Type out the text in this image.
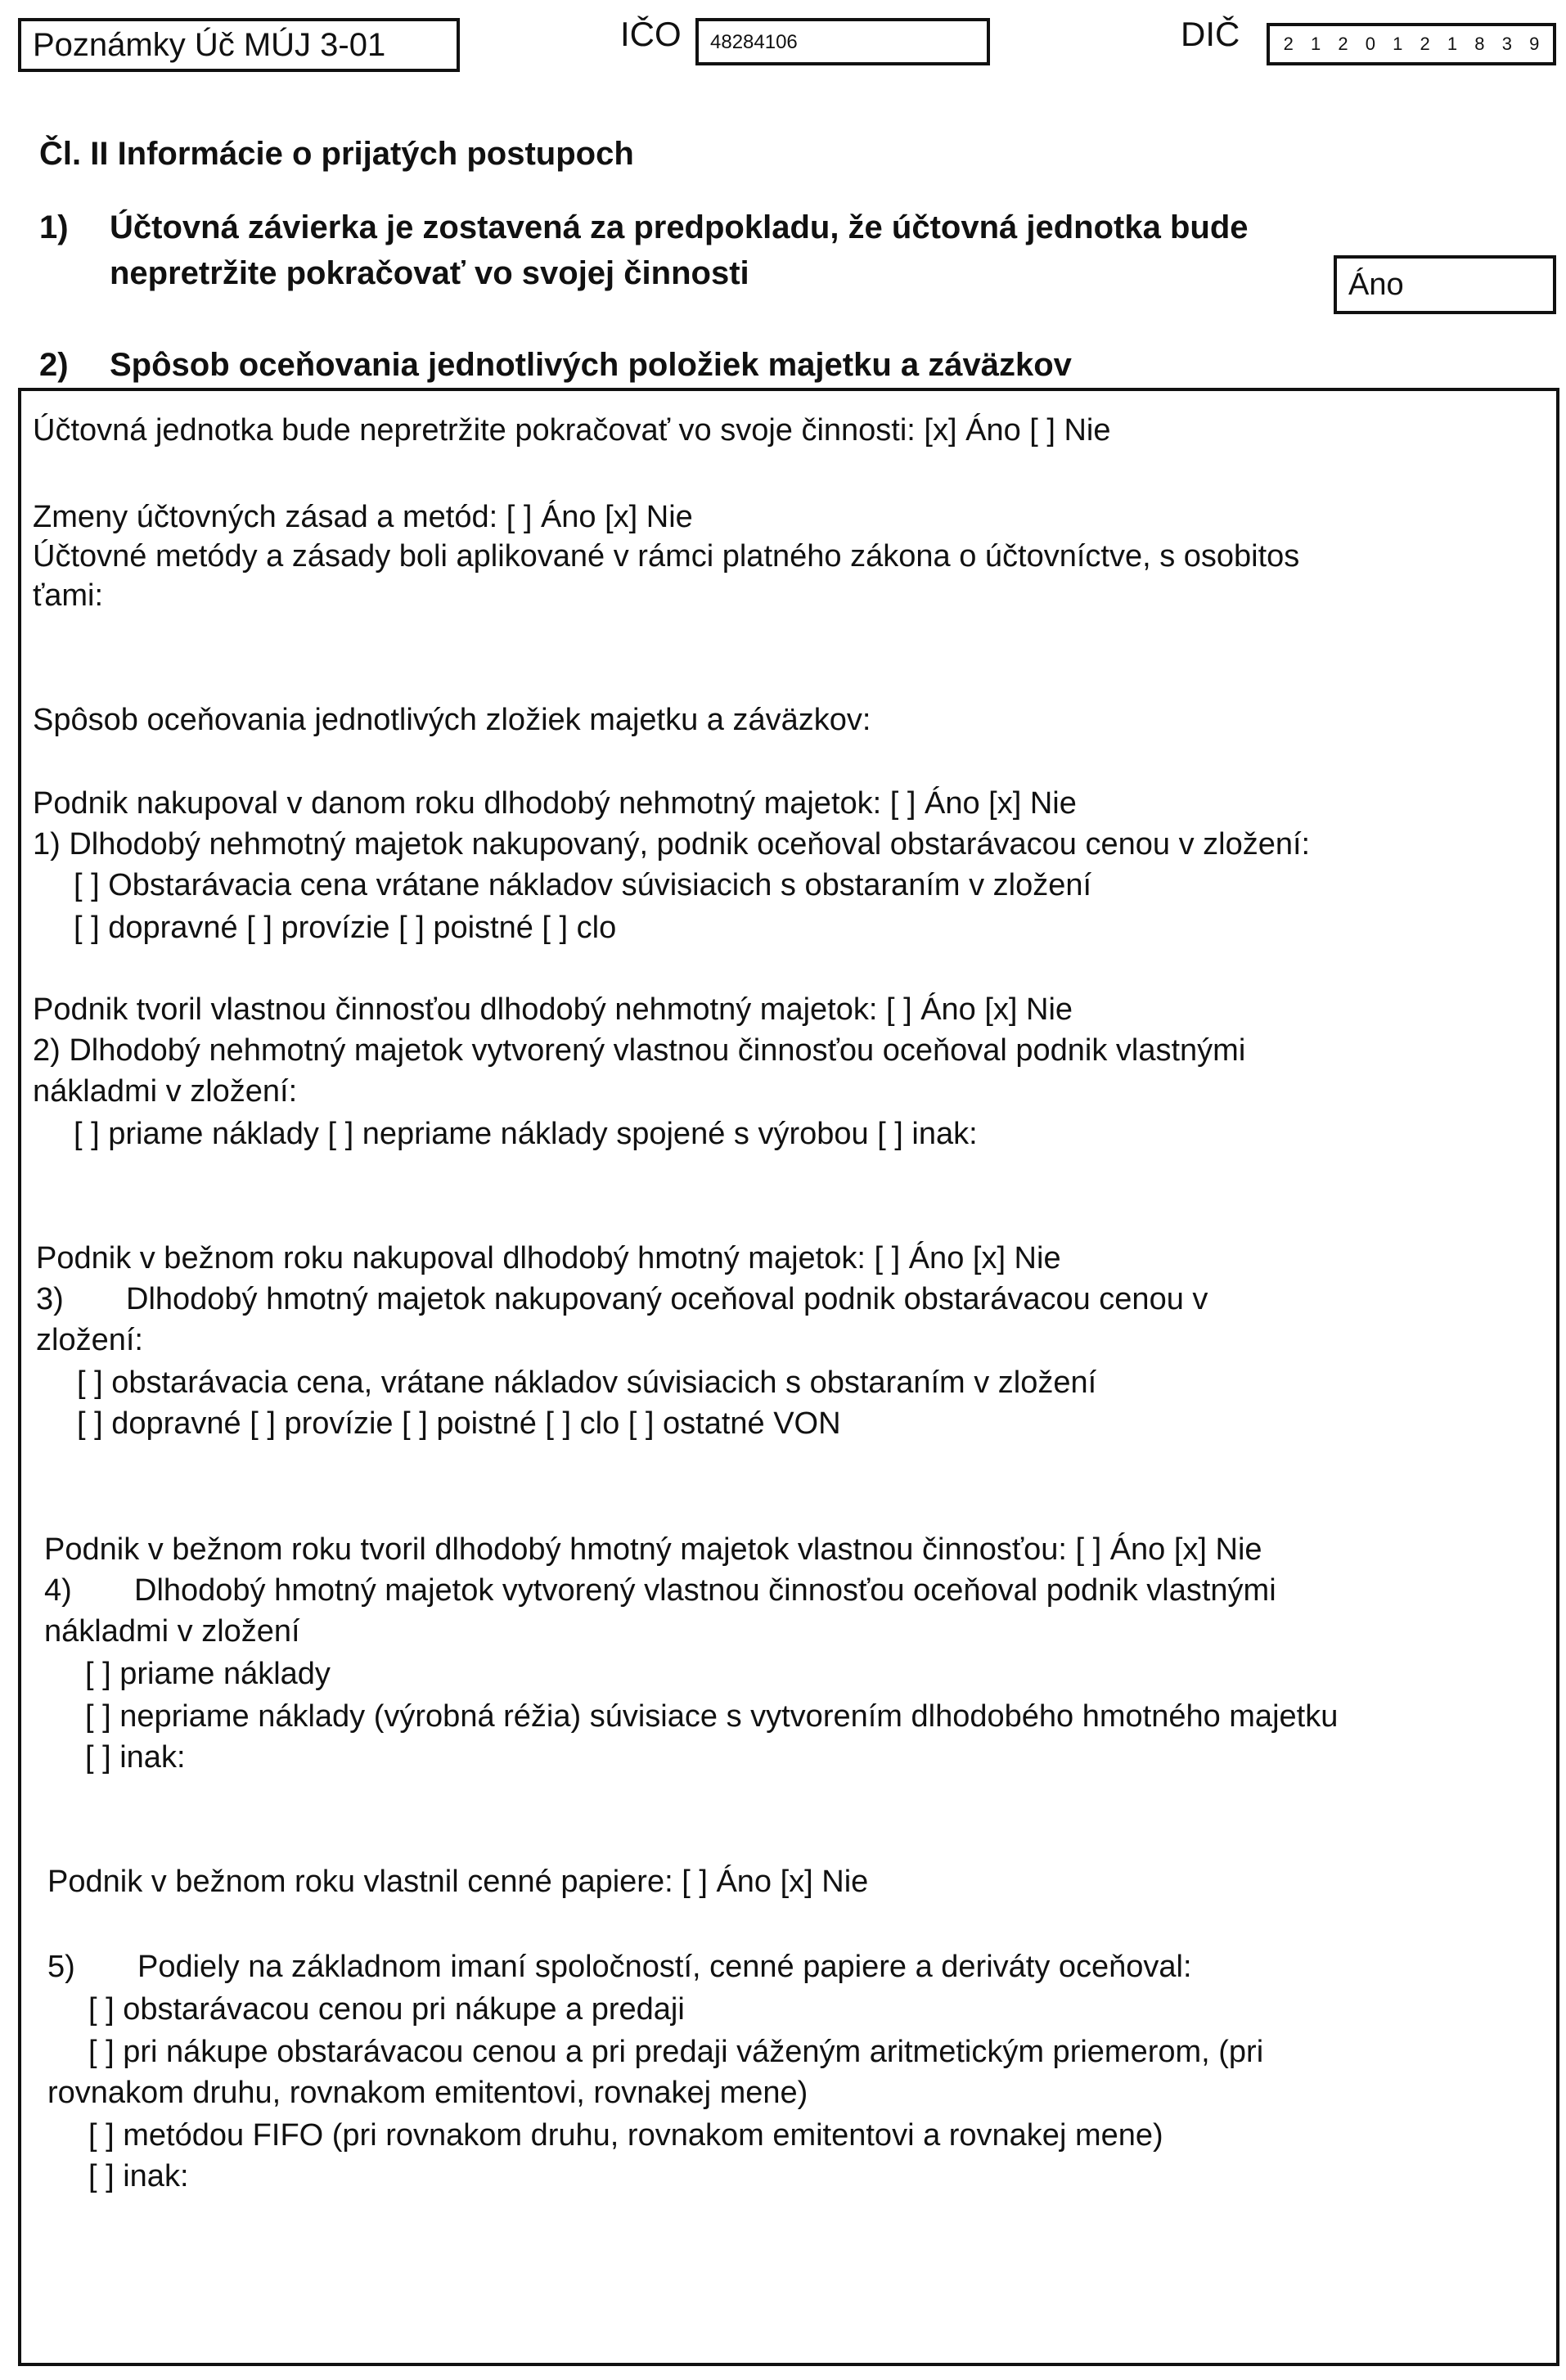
Poznámky Úč MÚJ 3-01	IČO	48284106	DIČ 2 1 2 0 1 2 1 8 3 9
Čl. II Informácie o prijatých postupoch
1) Účtovná závierka je zostavená za predpokladu, že účtovná jednotka bude
nepretržite pokračovať vo svojej činnosti	Áno
2) Spôsob oceňovania jednotlivých položiek majetku a záväzkov
Účtovná jednotka bude nepretržite pokračovať vo svoje činnosti: [x] Áno [ ] Nie
Zmeny účtovných zásad a metód: [ ] Áno [x] Nie
Účtovné metódy a zásady boli aplikované v rámci platného zákona o účtovníctve, s osobitos
ťami:
Spôsob oceňovania jednotlivých zložiek majetku a záväzkov:
Podnik nakupoval v danom roku dlhodobý nehmotný majetok: [ ] Áno [x] Nie
1) Dlhodobý nehmotný majetok nakupovaný, podnik oceňoval obstarávacou cenou v zložení:
[ ] Obstarávacia cena vrátane nákladov súvisiacich s obstaraním v zložení
[ ] dopravné [ ] provízie [ ] poistné [ ] clo
Podnik tvoril vlastnou činnosťou dlhodobý nehmotný majetok: [ ] Áno [x] Nie
2) Dlhodobý nehmotný majetok vytvorený vlastnou činnosťou oceňoval podnik vlastnými
nákladmi v zložení:
[ ] priame náklady [ ] nepriame náklady spojené s výrobou [ ] inak:
Podnik v bežnom roku nakupoval dlhodobý hmotný majetok: [ ] Áno [x] Nie
3) Dlhodobý hmotný majetok nakupovaný oceňoval podnik obstarávacou cenou v
zložení:
[ ] obstarávacia cena, vrátane nákladov súvisiacich s obstaraním v zložení
[ ] dopravné [ ] provízie [ ] poistné [ ] clo [ ] ostatné VON
Podnik v bežnom roku tvoril dlhodobý hmotný majetok vlastnou činnosťou: [ ] Áno [x] Nie
4) Dlhodobý hmotný majetok vytvorený vlastnou činnosťou oceňoval podnik vlastnými
nákladmi v zložení
[ ] priame náklady
[ ] nepriame náklady (výrobná réžia) súvisiace s vytvorením dlhodobého hmotného majetku
[ ] inak:
Podnik v bežnom roku vlastnil cenné papiere: [ ] Áno [x] Nie
5) Podiely na základnom imaní spoločností, cenné papiere a deriváty oceňoval:
[ ] obstarávacou cenou pri nákupe a predaji
[ ] pri nákupe obstarávacou cenou a pri predaji váženým aritmetickým priemerom, (pri
rovnakom druhu, rovnakom emitentovi, rovnakej mene)
[ ] metódou FIFO (pri rovnakom druhu, rovnakom emitentovi a rovnakej mene)
[ ] inak:
